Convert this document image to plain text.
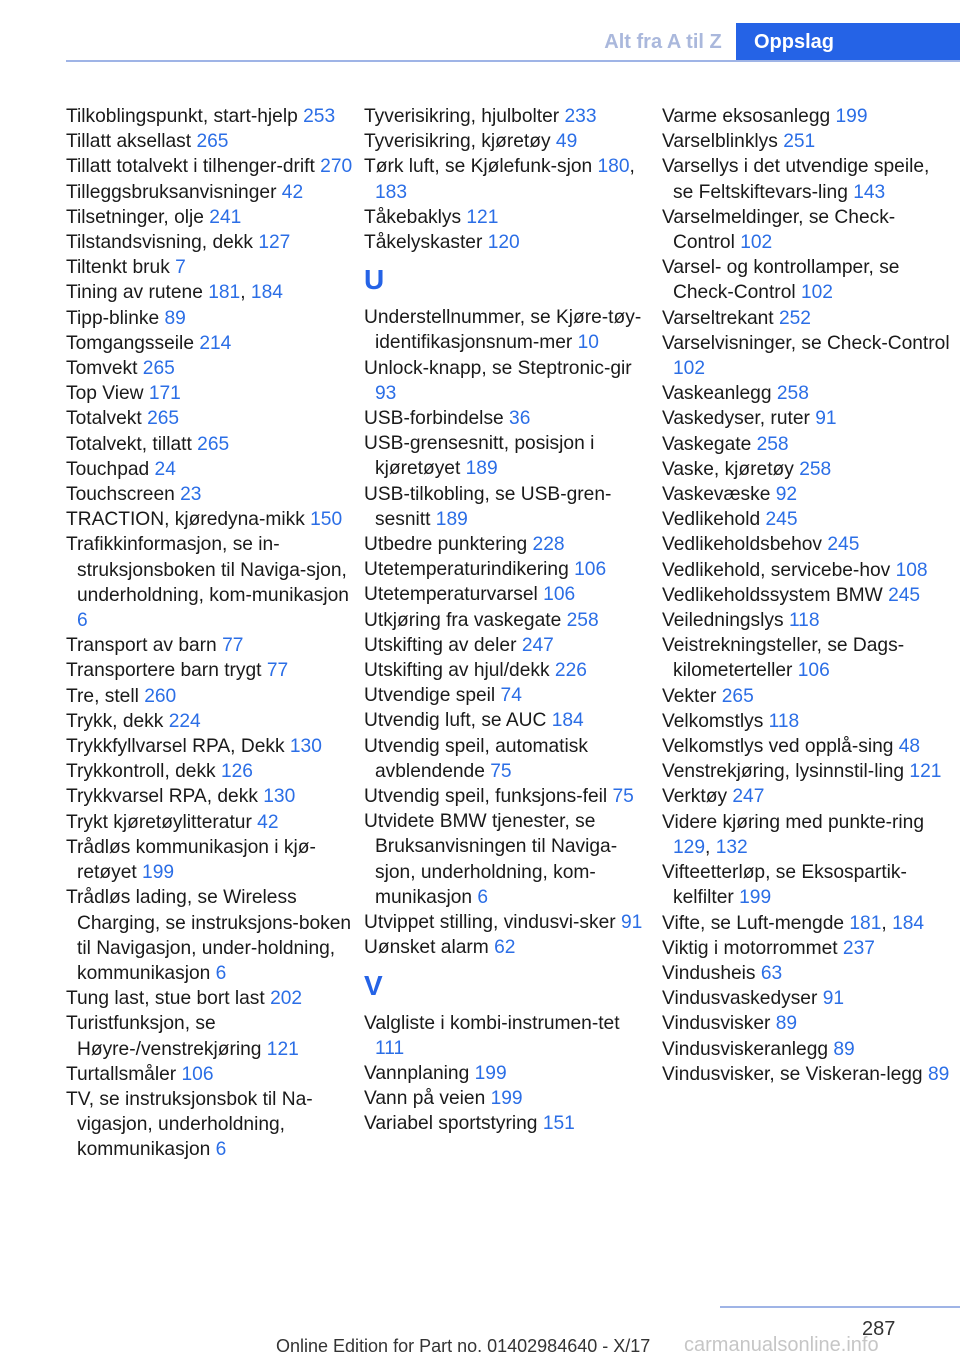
Alt fra A til Z	Oppslag
Tilkoblingspunkt, start-hjelp 253
Tillatt aksellast 265
Tillatt totalvekt i tilhenger-drift 270
Tilleggsbruksanvisninger 42
Tilsetninger, olje 241
Tilstandsvisning, dekk 127
Tiltenkt bruk 7
Tining av rutene 181, 184
Tipp-blinke 89
Tomgangsseile 214
Tomvekt 265
Top View 171
Totalvekt 265
Totalvekt, tillatt 265
Touchpad 24
Touchscreen 23
TRACTION, kjøredyna-mikk 150
Trafikkinformasjon, se in-struksjonsboken til Naviga-sjon, underholdning, kom-munikasjon 6
Transport av barn 77
Transportere barn trygt 77
Tre, stell 260
Trykk, dekk 224
Trykkfyllvarsel RPA, Dekk 130
Trykkontroll, dekk 126
Trykkvarsel RPA, dekk 130
Trykt kjøretøylitteratur 42
Trådløs kommunikasjon i kjø-retøyet 199
Trådløs lading, se Wireless Charging, se instruksjons-boken til Navigasjon, under-holdning, kommunikasjon 6
Tung last, stue bort last 202
Turistfunksjon, se Høyre-/venstrekjøring 121
Turtallsmåler 106
TV, se instruksjonsbok til Na-vigasjon, underholdning, kommunikasjon 6
Tyverisikring, hjulbolter 233
Tyverisikring, kjøretøy 49
Tørk luft, se Kjølefunk-sjon 180, 183
Tåkebaklys 121
Tåkelyskaster 120
U
Understellnummer, se Kjøre-tøy-identifikasjonsnum-mer 10
Unlock-knapp, se Steptronic-gir 93
USB-forbindelse 36
USB-grensesnitt, posisjon i kjøretøyet 189
USB-tilkobling, se USB-gren-sesnitt 189
Utbedre punktering 228
Utetemperaturindikering 106
Utetemperaturvarsel 106
Utkjøring fra vaskegate 258
Utskifting av deler 247
Utskifting av hjul/dekk 226
Utvendige speil 74
Utvendig luft, se AUC 184
Utvendig speil, automatisk avblendende 75
Utvendig speil, funksjons-feil 75
Utvidete BMW tjenester, se Bruksanvisningen til Naviga-sjon, underholdning, kom-munikasjon 6
Utvippet stilling, vindusvi-sker 91
Uønsket alarm 62
V
Valgliste i kombi-instrumen-tet 111
Vannplaning 199
Vann på veien 199
Variabel sportstyring 151
Varme eksosanlegg 199
Varselblinklys 251
Varsellys i det utvendige speile, se Feltskiftevars-ling 143
Varselmeldinger, se Check-Control 102
Varsel- og kontrollamper, se Check-Control 102
Varseltrekant 252
Varselvisninger, se Check-Control 102
Vaskeanlegg 258
Vaskedyser, ruter 91
Vaskegate 258
Vaske, kjøretøy 258
Vaskevæske 92
Vedlikehold 245
Vedlikeholdsbehov 245
Vedlikehold, servicebe-hov 108
Vedlikeholdssystem BMW 245
Veiledningslys 118
Veistrekningsteller, se Dags-kilometerteller 106
Vekter 265
Velkomstlys 118
Velkomstlys ved opplå-sing 48
Venstrekjøring, lysinnstil-ling 121
Verktøy 247
Videre kjøring med punkte-ring 129, 132
Vifteetterløp, se Eksospartik-kelfilter 199
Vifte, se Luft-mengde 181, 184
Viktig i motorrommet 237
Vindusheis 63
Vindusvaskedyser 91
Vindusvisker 89
Vindusviskeranlegg 89
Vindusvisker, se Viskeran-legg 89
287
Online Edition for Part no. 01402984640 - X/17 carmanualsonline.info
